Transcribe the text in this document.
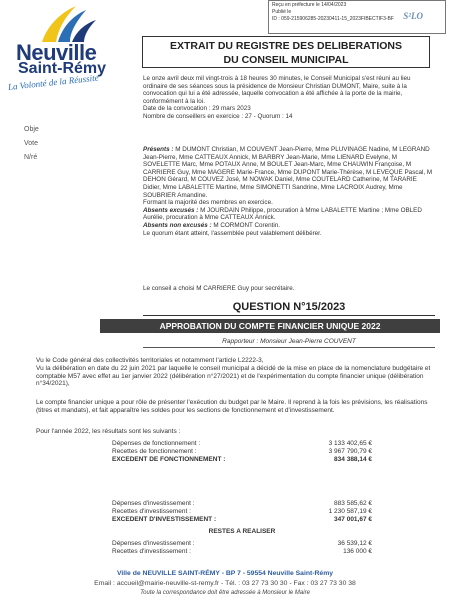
Reçu en préfecture le 14/04/2023
Publié le
ID : 059-215906285-20230411-15_2023FIBECTIF3-BF	S²LO
Neuville
Saint-Rémy
La Volonté de la Réussite
Obje
Vote
N/ré
EXTRAIT DU REGISTRE DES DELIBERATIONS
DU CONSEIL MUNICIPAL

Le onze avril deux mil vingt-trois à 18 heures 30 minutes, le Conseil Municipal s'est réuni au lieu ordinaire de ses séances sous la présidence de Monsieur Christian DUMONT, Maire, suite à la convocation qui lui a été adressée, laquelle convocation a été affichée à la porte de la mairie, conformément à la loi.

Date de la convocation : 29 mars 2023

Nombre de conseillers en exercice : 27 - Quorum : 14

Présents : M DUMONT Christian, M COUVENT Jean-Pierre, Mme PLUVINAGE Nadine, M LEGRAND Jean-Pierre, Mme CATTEAUX Annick, M BARBRY Jean-Marie, Mme LIENARD Evelyne, M SOVELETTE Marc, Mme POTAUX Anne, M BOULET Jean-Marc, Mme CHAUWIN Françoise, M CARRIERE Guy, Mme MAGERE Marie-France, Mme DUPONT Marie-Thérèse, M LEVEQUE Pascal, M DEHON Gérard, M COUVEZ José, M NOWAK Daniel, Mme COUTELARD Catherine, M TARARIE Didier, Mme LABALETTE Martine, Mme SIMONETTI Sandrine, Mme LACROIX Audrey, Mme SOUBRIER Amandine.

Formant la majorité des membres en exercice.

Absents excusés : M JOURDAIN Philippe, procuration à Mme LABALETTE Martine ; Mme OBLED Aurélie, procuration à Mme CATTEAUX Annick.

Absents non excusés : M CORMONT Corentin.

Le quorum étant atteint, l'assemblée peut valablement délibérer.

Le conseil a choisi M CARRIERE Guy pour secrétaire.
QUESTION N°15/2023
APPROBATION DU COMPTE FINANCIER UNIQUE 2022
Rapporteur : Monsieur Jean-Pierre COUVENT

Vu le Code général des collectivités territoriales et notamment l'article L2222-3,

Vu la délibération en date du 22 juin 2021 par laquelle le conseil municipal a décidé de la mise en place de la nomenclature budgétaire et comptable M57 avec effet au 1er janvier 2022 (délibération n°27/2021) et de l'expérimentation du compte financier unique (délibération n°34/2021),

Le compte financier unique a pour rôle de présenter l'exécution du budget par le Maire. Il reprend à la fois les prévisions, les réalisations (titres et mandats), et fait apparaître les soldes pour les sections de fonctionnement et d'investissement.
Pour l'année 2022, les résultats sont les suivants :
Dépenses de fonctionnement :	3 133 402,65 €
Recettes de fonctionnement :	3 967 790,79 €
EXCEDENT DE FONCTIONNEMENT :	834 388,14 €
Dépenses d'investissement :	883 585,62 €
Recettes d'investissement :	1 230 587,19 €
EXCEDENT D'INVESTISSEMENT :	347 001,67 €
RESTES A REALISER
Dépenses d'investissement :	36 539,12 €
Recettes d'investissement :	136 000 €
Ville de NEUVILLE SAINT-RÉMY - BP 7 - 59554 Neuville Saint-Rémy
Email : accueil@mairie-neuville-st-remy.fr - Tél. : 03 27 73 30 30 - Fax : 03 27 73 30 38
Toute la correspondance doit être adressée à Monsieur le Maire
